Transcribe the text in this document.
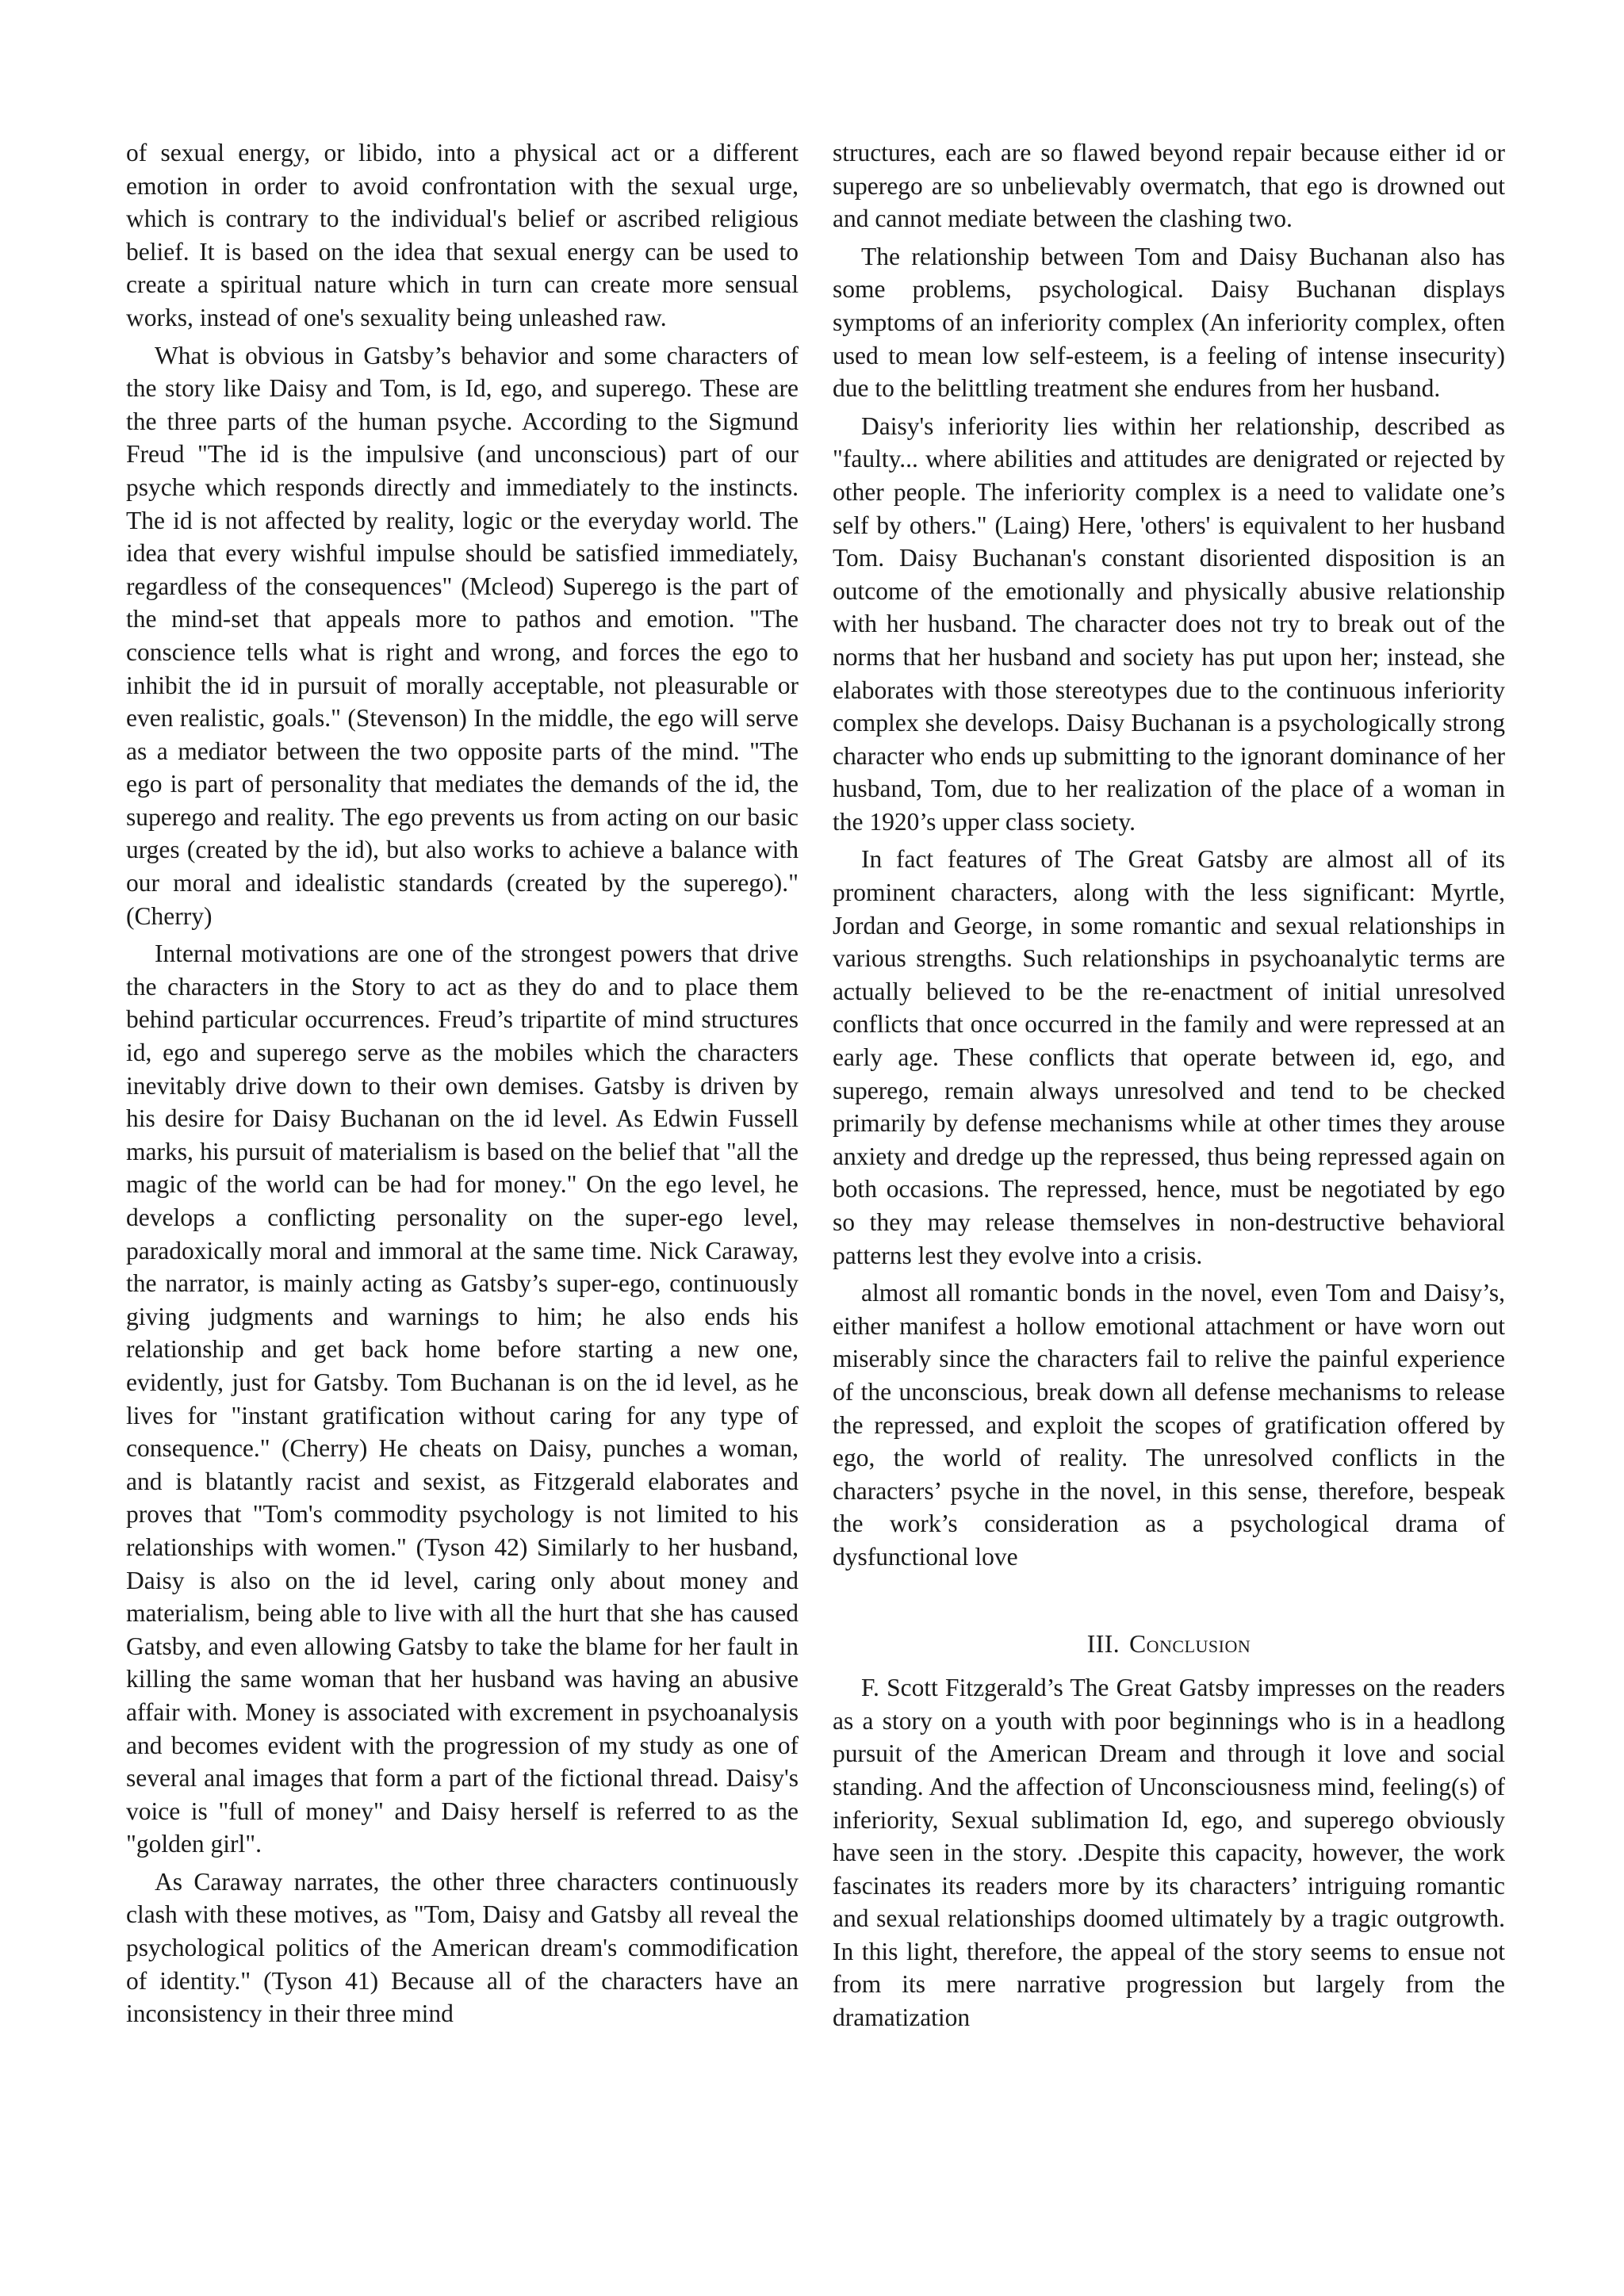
of sexual energy, or libido, into a physical act or a different emotion in order to avoid confrontation with the sexual urge, which is contrary to the individual's belief or ascribed religious belief. It is based on the idea that sexual energy can be used to create a spiritual nature which in turn can create more sensual works, instead of one's sexuality being unleashed raw.

What is obvious in Gatsby’s behavior and some characters of the story like Daisy and Tom, is Id, ego, and superego. These are the three parts of the human psyche. According to the Sigmund Freud "The id is the impulsive (and unconscious) part of our psyche which responds directly and immediately to the instincts. The id is not affected by reality, logic or the everyday world. The idea that every wishful impulse should be satisfied immediately, regardless of the consequences" (Mcleod) Superego is the part of the mind-set that appeals more to pathos and emotion. "The conscience tells what is right and wrong, and forces the ego to inhibit the id in pursuit of morally acceptable, not pleasurable or even realistic, goals." (Stevenson) In the middle, the ego will serve as a mediator between the two opposite parts of the mind. "The ego is part of personality that mediates the demands of the id, the superego and reality. The ego prevents us from acting on our basic urges (created by the id), but also works to achieve a balance with our moral and idealistic standards (created by the superego)." (Cherry)

Internal motivations are one of the strongest powers that drive the characters in the Story to act as they do and to place them behind particular occurrences. Freud’s tripartite of mind structures id, ego and superego serve as the mobiles which the characters inevitably drive down to their own demises. Gatsby is driven by his desire for Daisy Buchanan on the id level. As Edwin Fussell marks, his pursuit of materialism is based on the belief that "all the magic of the world can be had for money." On the ego level, he develops a conflicting personality on the super-ego level, paradoxically moral and immoral at the same time. Nick Caraway, the narrator, is mainly acting as Gatsby’s super-ego, continuously giving judgments and warnings to him; he also ends his relationship and get back home before starting a new one, evidently, just for Gatsby. Tom Buchanan is on the id level, as he lives for "instant gratification without caring for any type of consequence." (Cherry) He cheats on Daisy, punches a woman, and is blatantly racist and sexist, as Fitzgerald elaborates and proves that "Tom's commodity psychology is not limited to his relationships with women." (Tyson 42) Similarly to her husband, Daisy is also on the id level, caring only about money and materialism, being able to live with all the hurt that she has caused Gatsby, and even allowing Gatsby to take the blame for her fault in killing the same woman that her husband was having an abusive affair with. Money is associated with excrement in psychoanalysis and becomes evident with the progression of my study as one of several anal images that form a part of the fictional thread. Daisy's voice is "full of money" and Daisy herself is referred to as the "golden girl".

As Caraway narrates, the other three characters continuously clash with these motives, as "Tom, Daisy and Gatsby all reveal the psychological politics of the American dream's commodification of identity." (Tyson 41) Because all of the characters have an inconsistency in their three mind

structures, each are so flawed beyond repair because either id or superego are so unbelievably overmatch, that ego is drowned out and cannot mediate between the clashing two.

The relationship between Tom and Daisy Buchanan also has some problems, psychological. Daisy Buchanan displays symptoms of an inferiority complex (An inferiority complex, often used to mean low self-esteem, is a feeling of intense insecurity) due to the belittling treatment she endures from her husband.

Daisy's inferiority lies within her relationship, described as "faulty... where abilities and attitudes are denigrated or rejected by other people. The inferiority complex is a need to validate one’s self by others." (Laing) Here, 'others' is equivalent to her husband Tom. Daisy Buchanan's constant disoriented disposition is an outcome of the emotionally and physically abusive relationship with her husband. The character does not try to break out of the norms that her husband and society has put upon her; instead, she elaborates with those stereotypes due to the continuous inferiority complex she develops. Daisy Buchanan is a psychologically strong character who ends up submitting to the ignorant dominance of her husband, Tom, due to her realization of the place of a woman in the 1920’s upper class society.

In fact features of The Great Gatsby are almost all of its prominent characters, along with the less significant: Myrtle, Jordan and George, in some romantic and sexual relationships in various strengths. Such relationships in psychoanalytic terms are actually believed to be the re-enactment of initial unresolved conflicts that once occurred in the family and were repressed at an early age. These conflicts that operate between id, ego, and superego, remain always unresolved and tend to be checked primarily by defense mechanisms while at other times they arouse anxiety and dredge up the repressed, thus being repressed again on both occasions. The repressed, hence, must be negotiated by ego so they may release themselves in non-destructive behavioral patterns lest they evolve into a crisis.

almost all romantic bonds in the novel, even Tom and Daisy’s, either manifest a hollow emotional attachment or have worn out miserably since the characters fail to relive the painful experience of the unconscious, break down all defense mechanisms to release the repressed, and exploit the scopes of gratification offered by ego, the world of reality. The unresolved conflicts in the characters’ psyche in the novel, in this sense, therefore, bespeak the work’s consideration as a psychological drama of dysfunctional love

III. Conclusion

F. Scott Fitzgerald’s The Great Gatsby impresses on the readers as a story on a youth with poor beginnings who is in a headlong pursuit of the American Dream and through it love and social standing. And the affection of Unconsciousness mind, feeling(s) of inferiority, Sexual sublimation Id, ego, and superego obviously have seen in the story. .Despite this capacity, however, the work fascinates its readers more by its characters’ intriguing romantic and sexual relationships doomed ultimately by a tragic outgrowth. In this light, therefore, the appeal of the story seems to ensue not from its mere narrative progression but largely from the dramatization
